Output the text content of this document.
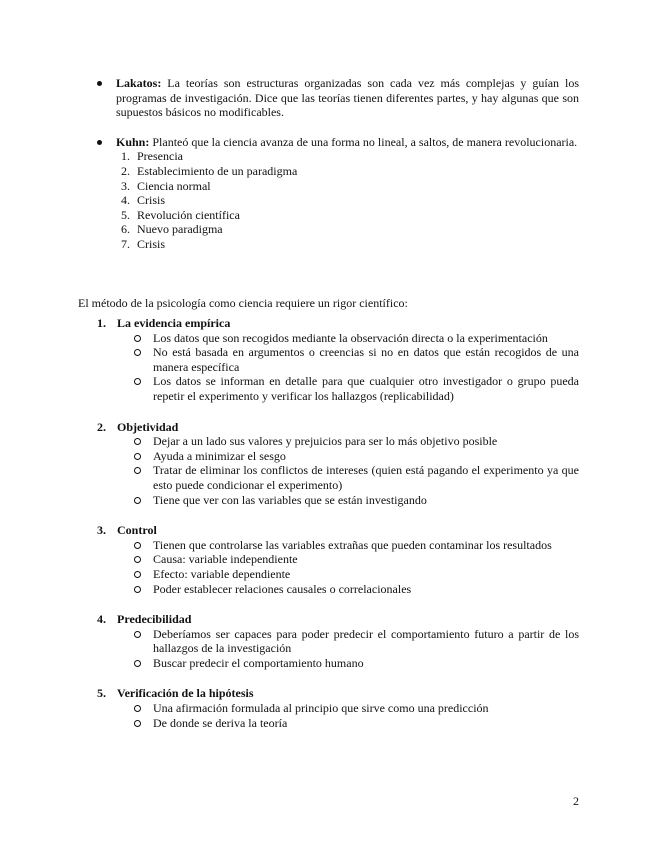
Lakatos: La teorías son estructuras organizadas son cada vez más complejas y guían los programas de investigación. Dice que las teorías tienen diferentes partes, y hay algunas que son supuestos básicos no modificables.
Kuhn: Planteó que la ciencia avanza de una forma no lineal, a saltos, de manera revolucionaria.
1. Presencia
2. Establecimiento de un paradigma
3. Ciencia normal
4. Crisis
5. Revolución científica
6. Nuevo paradigma
7. Crisis
El método de la psicología como ciencia requiere un rigor científico:
1. La evidencia empírica
Los datos que son recogidos mediante la observación directa o la experimentación
No está basada en argumentos o creencias si no en datos que están recogidos de una manera específica
Los datos se informan en detalle para que cualquier otro investigador o grupo pueda repetir el experimento y verificar los hallazgos (replicabilidad)
2. Objetividad
Dejar a un lado sus valores y prejuicios para ser lo más objetivo posible
Ayuda a minimizar el sesgo
Tratar de eliminar los conflictos de intereses (quien está pagando el experimento ya que esto puede condicionar el experimento)
Tiene que ver con las variables que se están investigando
3. Control
Tienen que controlarse las variables extrañas que pueden contaminar los resultados
Causa: variable independiente
Efecto: variable dependiente
Poder establecer relaciones causales o correlacionales
4. Predecibilidad
Deberíamos ser capaces para poder predecir el comportamiento futuro a partir de los hallazgos de la investigación
Buscar predecir el comportamiento humano
5. Verificación de la hipótesis
Una afirmación formulada al principio que sirve como una predicción
De donde se deriva la teoría
2
